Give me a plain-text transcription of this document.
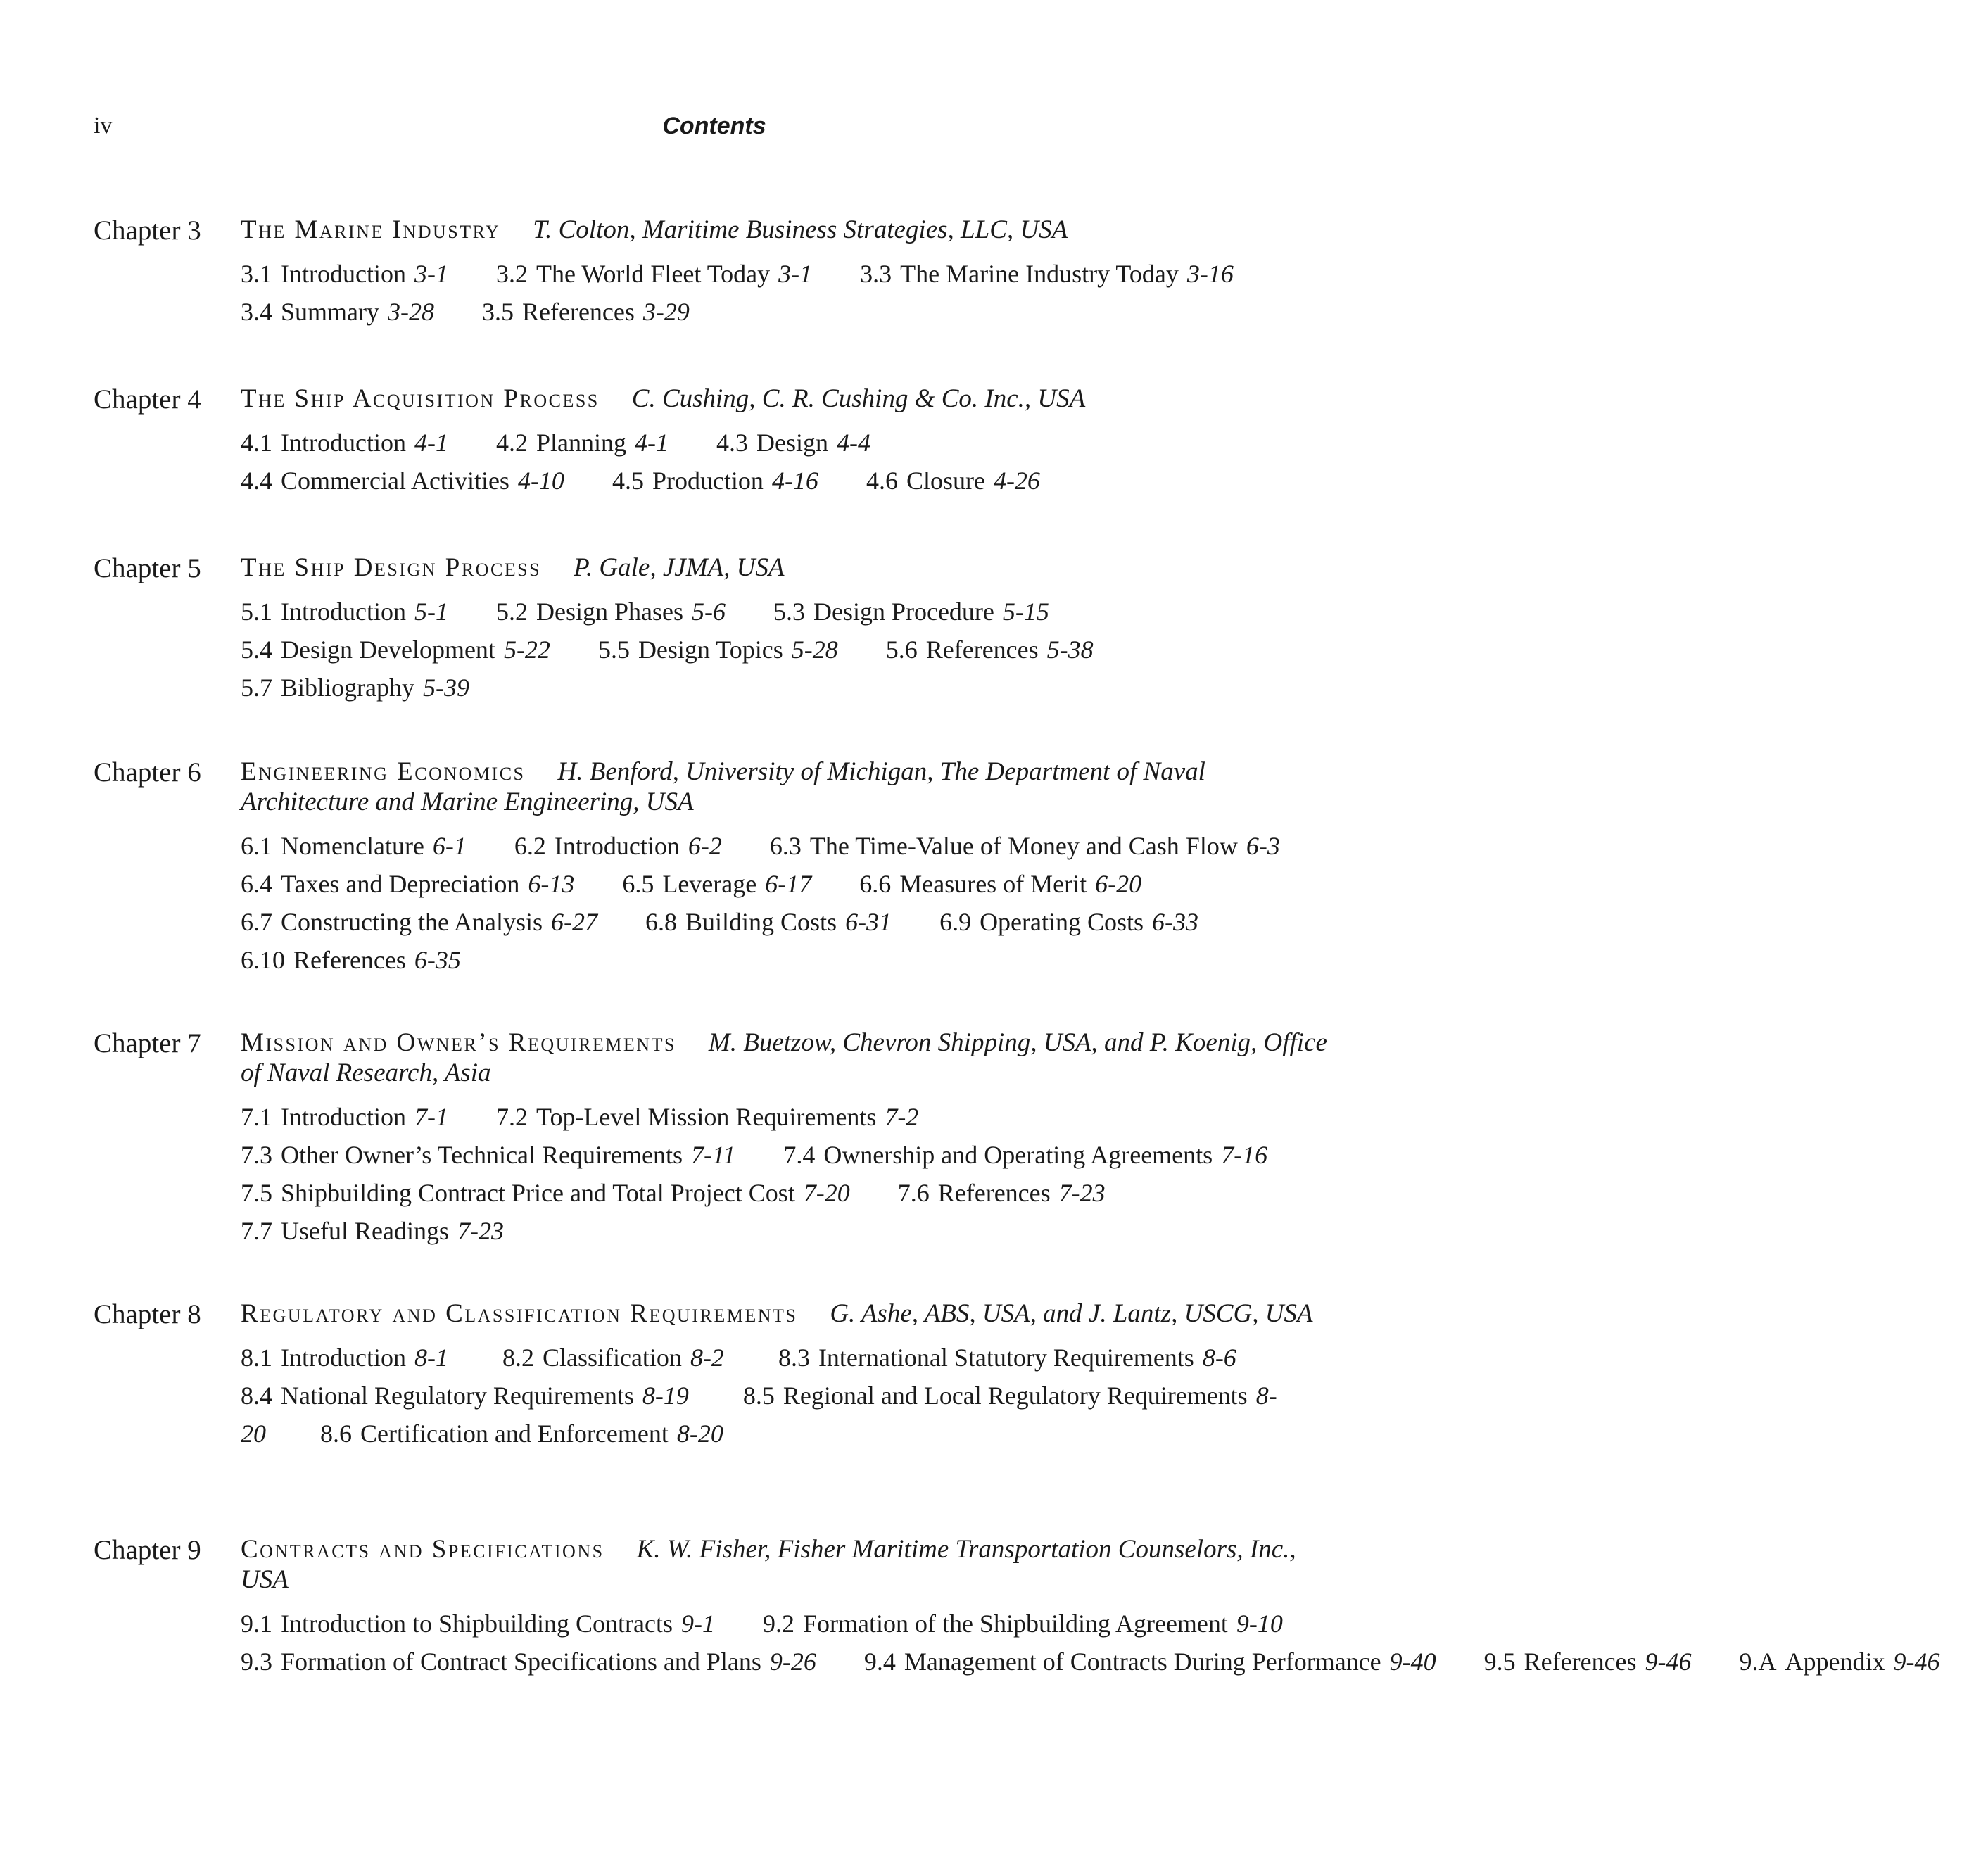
iv	Contents
Chapter 3 The Marine Industry T. Colton, Maritime Business Strategies, LLC, USA
3.1 Introduction 3-1 3.2 The World Fleet Today 3-1 3.3 The Marine Industry Today 3-16
3.4 Summary 3-28 3.5 References 3-29
Chapter 4 The Ship Acquisition Process C. Cushing, C. R. Cushing & Co. Inc., USA
4.1 Introduction 4-1 4.2 Planning 4-1 4.3 Design 4-4
4.4 Commercial Activities 4-10 4.5 Production 4-16 4.6 Closure 4-26
Chapter 5 The Ship Design Process P. Gale, JJMA, USA
5.1 Introduction 5-1 5.2 Design Phases 5-6 5.3 Design Procedure 5-15
5.4 Design Development 5-22 5.5 Design Topics 5-28 5.6 References 5-38
5.7 Bibliography 5-39
Chapter 6 Engineering Economics H. Benford, University of Michigan, The Department of Naval Architecture and Marine Engineering, USA
6.1 Nomenclature 6-1 6.2 Introduction 6-2 6.3 The Time-Value of Money and Cash Flow 6-3
6.4 Taxes and Depreciation 6-13 6.5 Leverage 6-17 6.6 Measures of Merit 6-20
6.7 Constructing the Analysis 6-27 6.8 Building Costs 6-31 6.9 Operating Costs 6-33
6.10 References 6-35
Chapter 7 Mission and Owner’s Requirements M. Buetzow, Chevron Shipping, USA, and P. Koenig, Office of Naval Research, Asia
7.1 Introduction 7-1 7.2 Top-Level Mission Requirements 7-2
7.3 Other Owner’s Technical Requirements 7-11 7.4 Ownership and Operating Agreements 7-16
7.5 Shipbuilding Contract Price and Total Project Cost 7-20 7.6 References 7-23
7.7 Useful Readings 7-23
Chapter 8 Regulatory and Classification Requirements G. Ashe, ABS, USA, and J. Lantz, USCG, USA
8.1 Introduction 8-1 8.2 Classification 8-2 8.3 International Statutory Requirements 8-6 8.4 National Regulatory Requirements 8-19 8.5 Regional and Local Regulatory Requirements 8-20 8.6 Certification and Enforcement 8-20
Chapter 9 Contracts and Specifications K. W. Fisher, Fisher Maritime Transportation Counselors, Inc., USA
9.1 Introduction to Shipbuilding Contracts 9-1 9.2 Formation of the Shipbuilding Agreement 9-10
9.3 Formation of Contract Specifications and Plans 9-26 9.4 Management of Contracts During Performance 9-40 9.5 References 9-46 9.A Appendix 9-46
